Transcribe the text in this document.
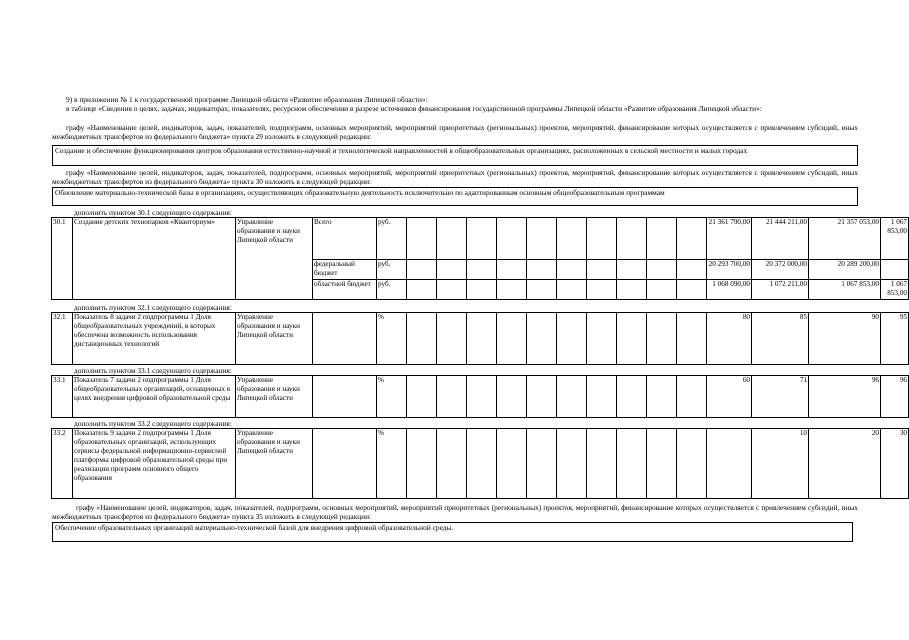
9) в приложении № 1 к государственной программе Липецкой области «Развитие образования Липецкой области»:
в таблице «Сведения о целях, задачах, индикаторах, показателях, ресурсном обеспечении в разрезе источников финансирования государственной программы Липецкой области «Развитие образования Липецкой области»:
графу «Наименование целей, индикаторов, задач, показателей, подпрограмм, основных мероприятий, мероприятий приоритетных (региональных) проектов, мероприятий, финансирование которых осуществляется с привлечением субсидий, иных межбюджетных трансфертов из федерального бюджета» пункта 29 изложить в следующей редакции:
Создание и обеспечение функционирования центров образования естественно-научной и технологической направленностей в общеобразовательных организациях, расположенных в сельской местности и малых городах
графу «Наименование целей, индикаторов, задач, показателей, подпрограмм, основных мероприятий, мероприятий приоритетных (региональных) проектов, мероприятий, финансирование которых осуществляется с привлечением субсидий, иных межбюджетных трансфертов из федерального бюджета» пункта 30 изложить в следующей редакции:
Обновление материально-технической базы в организациях, осуществляющих образовательную деятельность исключительно по адаптированным основным общеобразовательным программам
дополнить пунктом 30.1 следующего содержания:
30.1	Создание детских технопарков «Кванториум»	Управление образования и науки Липецкой области	Всего	руб.											21 361 790,00	21 444 211,00	21 357 053,00	1 067 853,00
			федеральный бюджет	руб.											20 293 700,00	20 372 000,00	20 289 200,00	
			областной бюджет	руб.											1 068 090,00	1 072 211,00	1 067 853,00	1 067 853,00
дополнить пунктом 32.1 следующего содержания:
32.1	Показатель 8 задачи 2 подпрограммы 1 Доля общеобразовательных учреждений, в которых обеспечена возможность использования дистанционных технологий	Управление образования и науки Липецкой области		%											80	85	90	95
дополнить пунктом 33.1 следующего содержания:
33.1	Показатель 7 задачи 2 подпрограммы 1 Доля общеобразовательных организаций, оснащенных в целях внедрения цифровой образовательной среды	Управление образования и науки Липецкой области		%											60	71	96	96
дополнить пунктом 33.2 следующего содержания:
33.2	Показатель 9 задачи 2 подпрограммы 1 Доля образовательных организаций, использующих сервисы федеральной информационно-сервисной платформы цифровой образовательной среды при реализации программ основного общего образования	Управление образования и науки Липецкой области		%												10	20	30
графу «Наименование целей, индикаторов, задач, показателей, подпрограмм, основных мероприятий, мероприятий приоритетных (региональных) проектов, мероприятий, финансирование которых осуществляется с привлечением субсидий, иных межбюджетных трансфертов из федерального бюджета» пункта 35 изложить в следующей редакции:
Обеспечение образовательных организаций материально-технической базой для внедрения цифровой образовательной среды.
